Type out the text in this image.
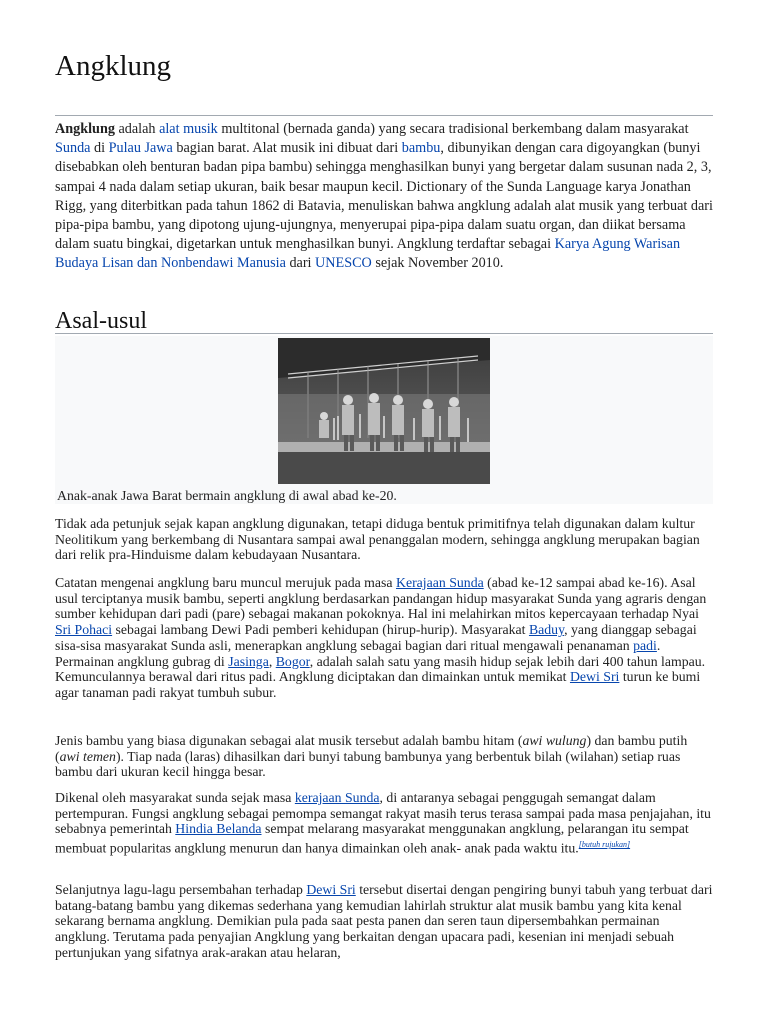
Angklung

Angklung adalah alat musik multitonal (bernada ganda) yang secara tradisional berkembang dalam masyarakat Sunda di Pulau Jawa bagian barat. Alat musik ini dibuat dari bambu, dibunyikan dengan cara digoyangkan (bunyi disebabkan oleh benturan badan pipa bambu) sehingga menghasilkan bunyi yang bergetar dalam susunan nada 2, 3, sampai 4 nada dalam setiap ukuran, baik besar maupun kecil. Dictionary of the Sunda Language karya Jonathan Rigg, yang diterbitkan pada tahun 1862 di Batavia, menuliskan bahwa angklung adalah alat musik yang terbuat dari pipa-pipa bambu, yang dipotong ujung-ujungnya, menyerupai pipa-pipa dalam suatu organ, dan diikat bersama dalam suatu bingkai, digetarkan untuk menghasilkan bunyi. Angklung terdaftar sebagai Karya Agung Warisan Budaya Lisan dan Nonbendawi Manusia dari UNESCO sejak November 2010.

Asal-usul
Anak-anak Jawa Barat bermain angklung di awal abad ke-20.

Tidak ada petunjuk sejak kapan angklung digunakan, tetapi diduga bentuk primitifnya telah digunakan dalam kultur Neolitikum yang berkembang di Nusantara sampai awal penanggalan modern, sehingga angklung merupakan bagian dari relik pra-Hinduisme dalam kebudayaan Nusantara.

Catatan mengenai angklung baru muncul merujuk pada masa Kerajaan Sunda (abad ke-12 sampai abad ke-16). Asal usul terciptanya musik bambu, seperti angklung berdasarkan pandangan hidup masyarakat Sunda yang agraris dengan sumber kehidupan dari padi (pare) sebagai makanan pokoknya. Hal ini melahirkan mitos kepercayaan terhadap Nyai Sri Pohaci sebagai lambang Dewi Padi pemberi kehidupan (hirup-hurip). Masyarakat Baduy, yang dianggap sebagai sisa-sisa masyarakat Sunda asli, menerapkan angklung sebagai bagian dari ritual mengawali penanaman padi. Permainan angklung gubrag di Jasinga, Bogor, adalah salah satu yang masih hidup sejak lebih dari 400 tahun lampau. Kemunculannya berawal dari ritus padi. Angklung diciptakan dan dimainkan untuk memikat Dewi Sri turun ke bumi agar tanaman padi rakyat tumbuh subur.

Jenis bambu yang biasa digunakan sebagai alat musik tersebut adalah bambu hitam (awi wulung) dan bambu putih (awi temen). Tiap nada (laras) dihasilkan dari bunyi tabung bambunya yang berbentuk bilah (wilahan) setiap ruas bambu dari ukuran kecil hingga besar.

Dikenal oleh masyarakat sunda sejak masa kerajaan Sunda, di antaranya sebagai penggugah semangat dalam pertempuran. Fungsi angklung sebagai pemompa semangat rakyat masih terus terasa sampai pada masa penjajahan, itu sebabnya pemerintah Hindia Belanda sempat melarang masyarakat menggunakan angklung, pelarangan itu sempat membuat popularitas angklung menurun dan hanya dimainkan oleh anak- anak pada waktu itu.[butuh rujukan]

Selanjutnya lagu-lagu persembahan terhadap Dewi Sri tersebut disertai dengan pengiring bunyi tabuh yang terbuat dari batang-batang bambu yang dikemas sederhana yang kemudian lahirlah struktur alat musik bambu yang kita kenal sekarang bernama angklung. Demikian pula pada saat pesta panen dan seren taun dipersembahkan permainan angklung. Terutama pada penyajian Angklung yang berkaitan dengan upacara padi, kesenian ini menjadi sebuah pertunjukan yang sifatnya arak-arakan atau helaran,
